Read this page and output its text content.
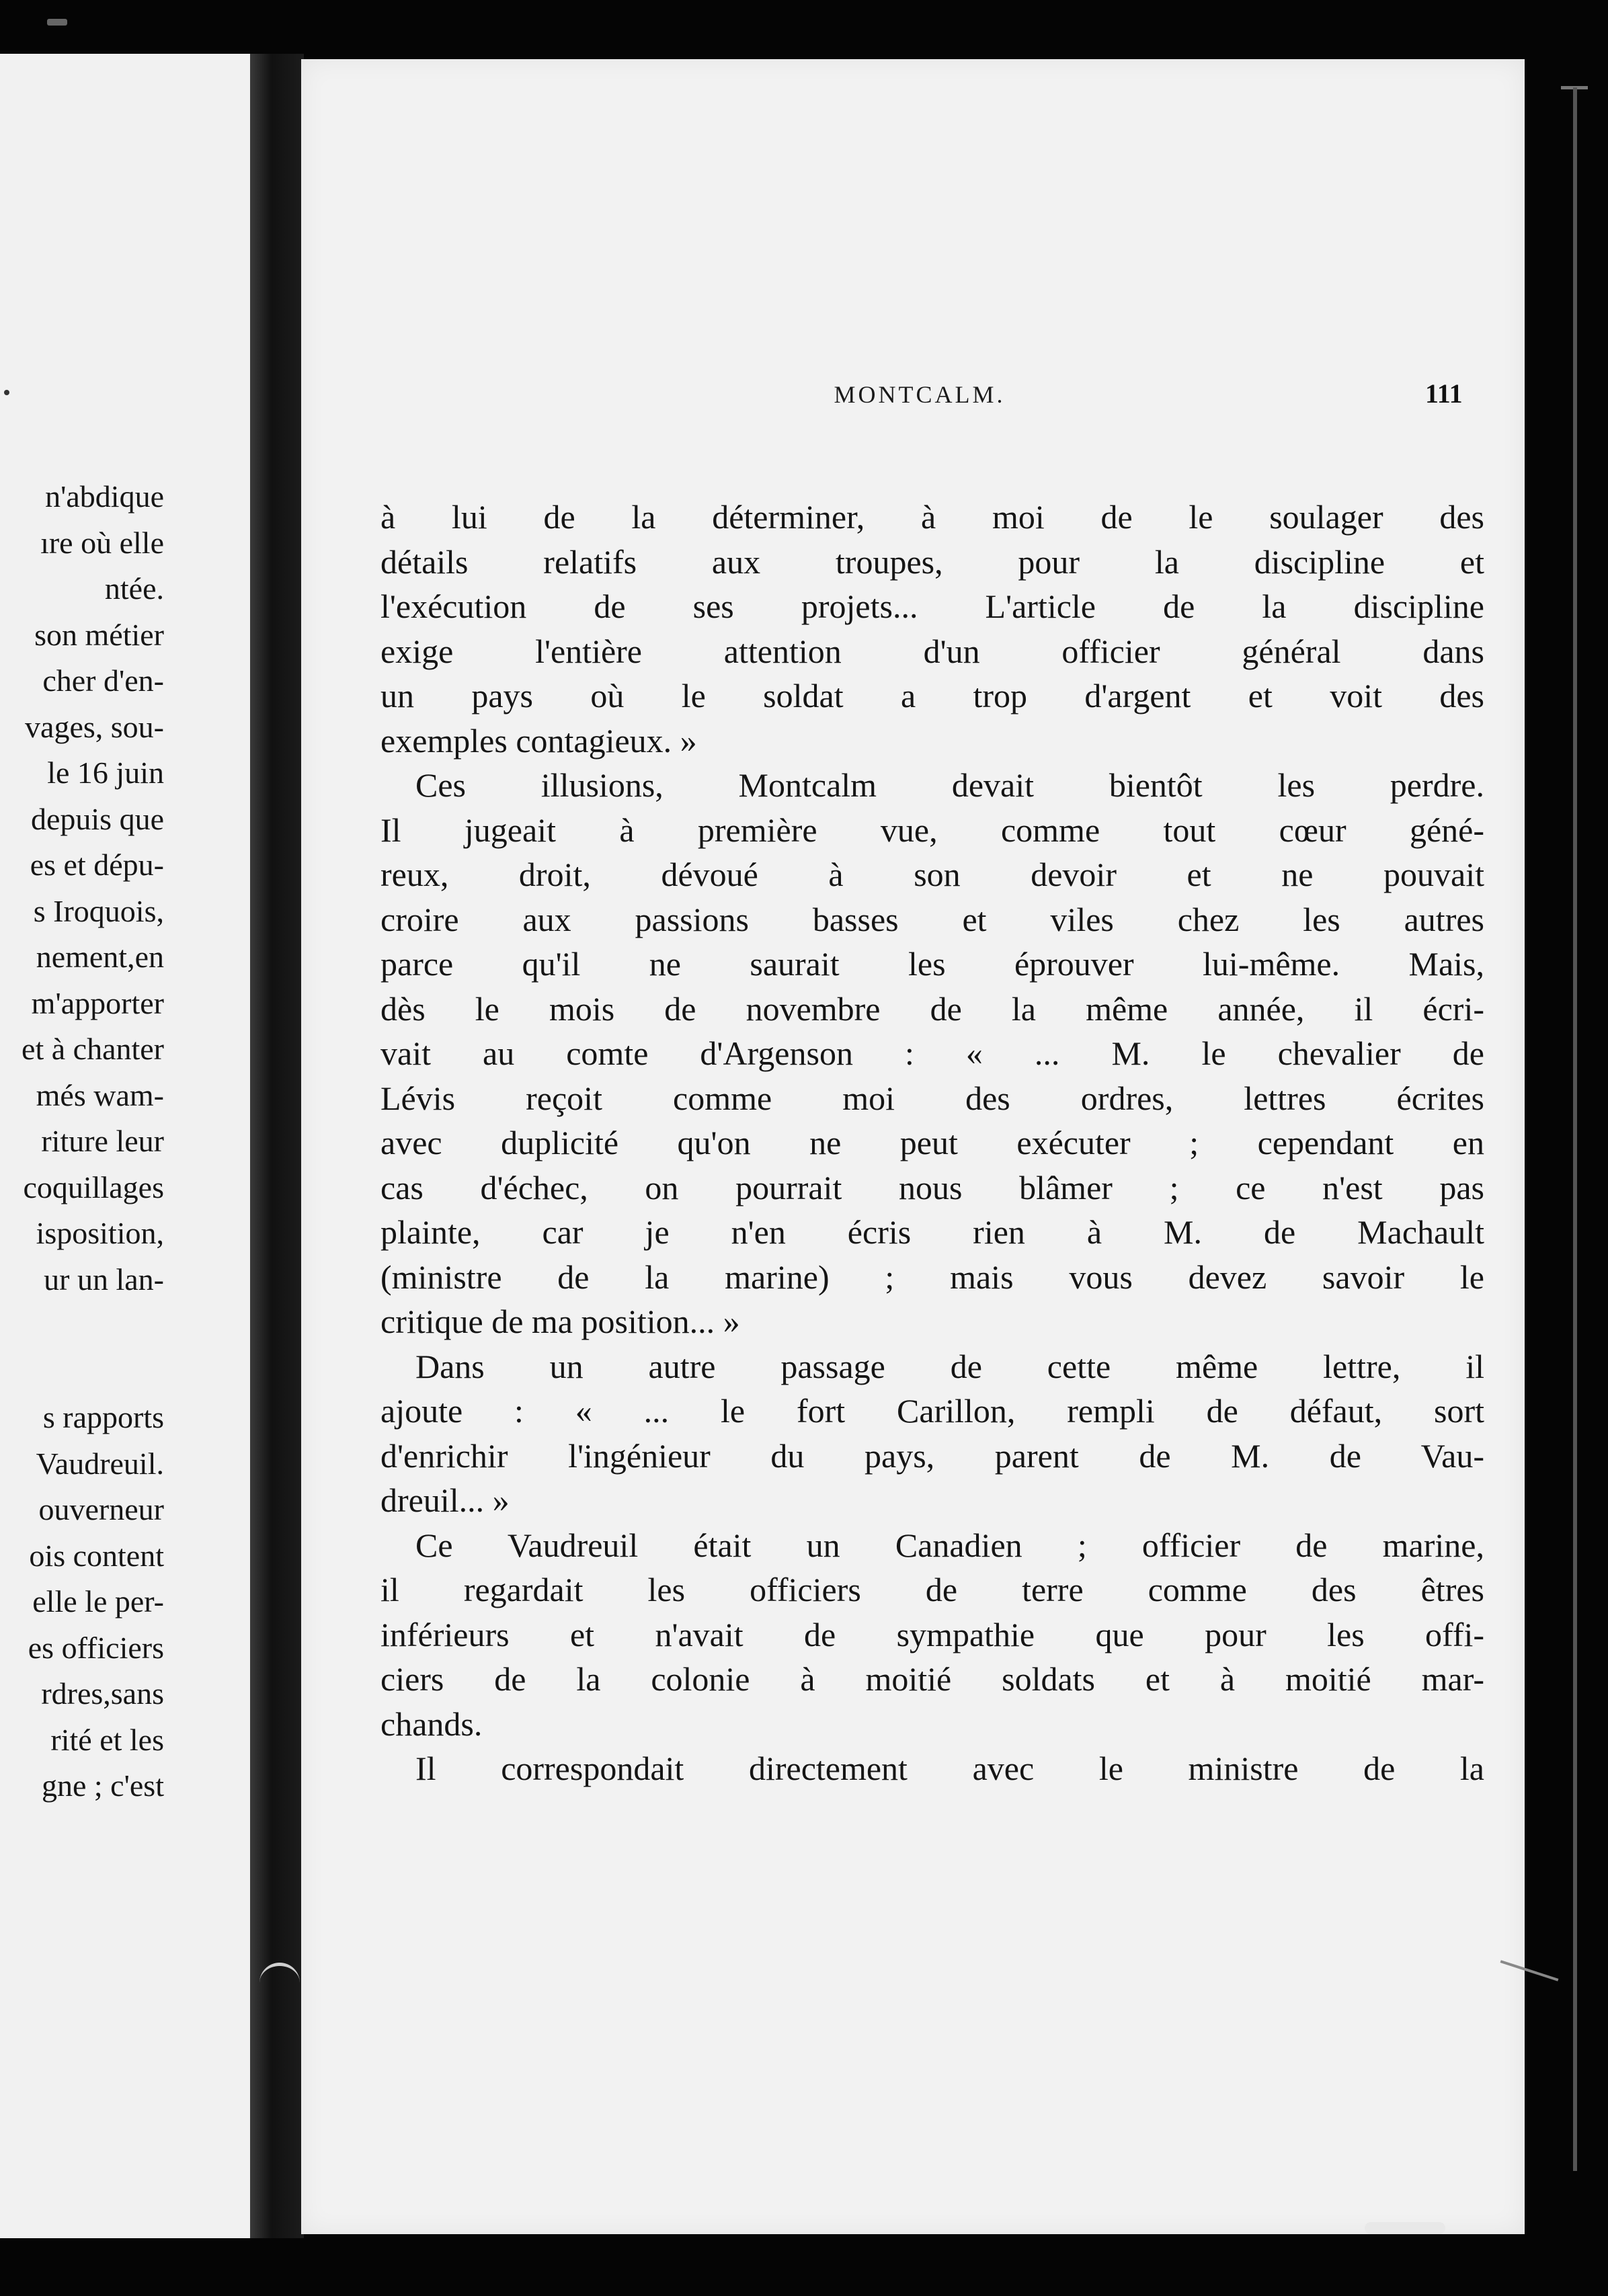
n'abdique
ıre où elle
ntée.
son métier
cher d'en-
vages, sou-
le 16 juin
depuis que
es et dépu-
s Iroquois,
nement,en
m'apporter
et à chanter
més wam-
riture leur
coquillages
isposition,
ur un lan-
s rapports
Vaudreuil.
ouverneur
ois content
elle le per-
es officiers
rdres,sans
rité et les
gne ; c'est
MONTCALM.	111
à lui de la déterminer, à moi de le soulager des
détails relatifs aux troupes, pour la discipline et
l'exécution de ses projets... L'article de la discipline
exige l'entière attention d'un officier général dans
un pays où le soldat a trop d'argent et voit des
exemples contagieux. »
Ces illusions, Montcalm devait bientôt les perdre.
Il jugeait à première vue, comme tout cœur géné-
reux, droit, dévoué à son devoir et ne pouvait
croire aux passions basses et viles chez les autres
parce qu'il ne saurait les éprouver lui-même. Mais,
dès le mois de novembre de la même année, il écri-
vait au comte d'Argenson : « ... M. le chevalier de
Lévis reçoit comme moi des ordres, lettres écrites
avec duplicité qu'on ne peut exécuter ; cependant en
cas d'échec, on pourrait nous blâmer ; ce n'est pas
plainte, car je n'en écris rien à M. de Machault
(ministre de la marine) ; mais vous devez savoir le
critique de ma position... »
Dans un autre passage de cette même lettre, il
ajoute : « ... le fort Carillon, rempli de défaut, sort
d'enrichir l'ingénieur du pays, parent de M. de Vau-
dreuil... »
Ce Vaudreuil était un Canadien ; officier de marine,
il regardait les officiers de terre comme des êtres
inférieurs et n'avait de sympathie que pour les offi-
ciers de la colonie à moitié soldats et à moitié mar-
chands.
Il correspondait directement avec le ministre de la
